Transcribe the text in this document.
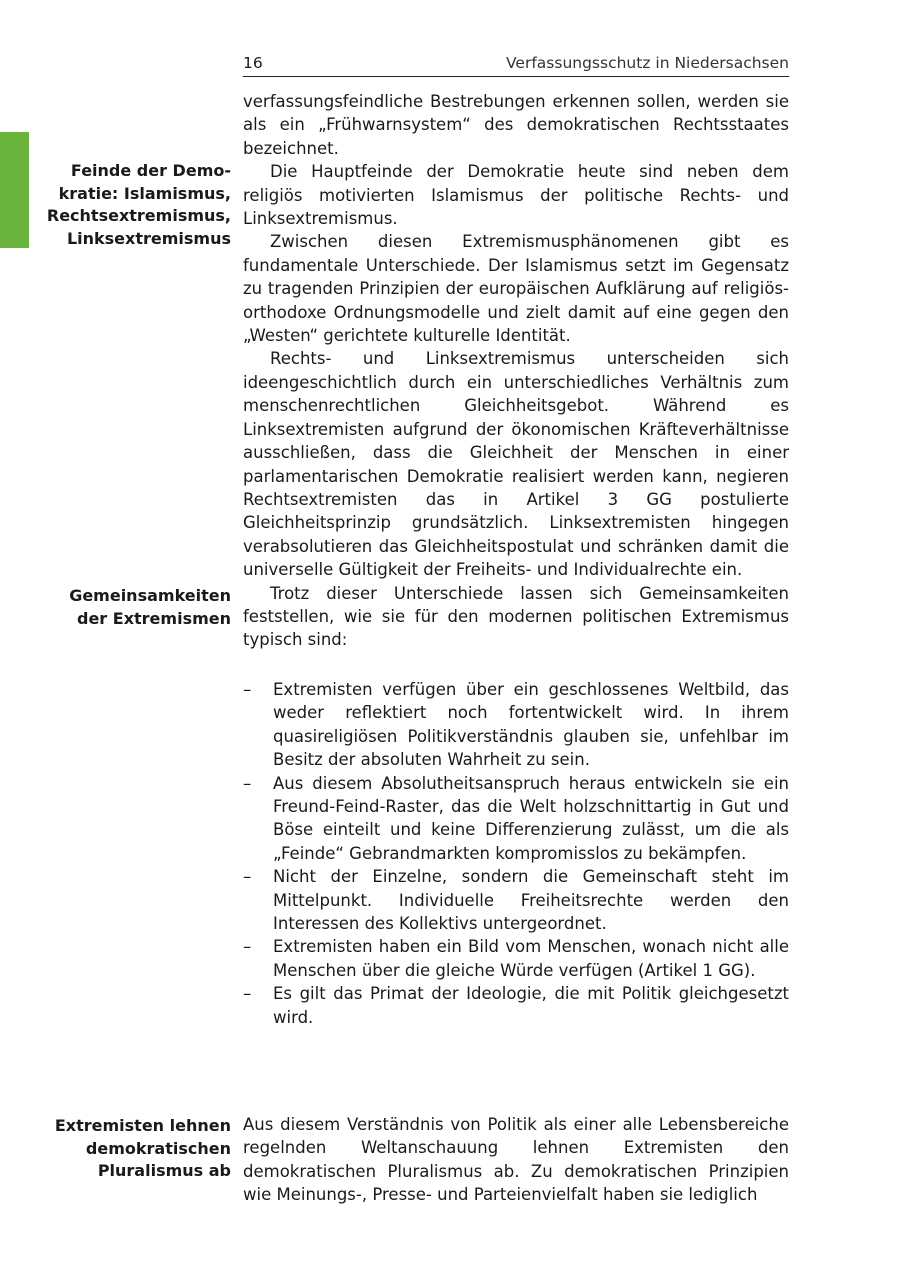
16	Verfassungsschutz in Niedersachsen
Feinde der Demo-
kratie: Islamismus,
Rechtsextremismus,
Linksextremismus
Gemeinsamkeiten
der Extremismen
Extremisten lehnen
demokratischen
Pluralismus ab

verfassungsfeindliche Bestrebungen erkennen sollen, werden sie als ein „Frühwarnsystem“ des demokratischen Rechtsstaates bezeichnet.

Die Hauptfeinde der Demokratie heute sind neben dem religiös motivierten Islamismus der politische Rechts- und Linksextremismus.

Zwischen diesen Extremismusphänomenen gibt es fundamentale Unterschiede. Der Islamismus setzt im Gegensatz zu tragenden Prinzipien der europäischen Aufklärung auf religiös-orthodoxe Ordnungsmodelle und zielt damit auf eine gegen den „Westen“ gerichtete kulturelle Identität.

Rechts- und Linksextremismus unterscheiden sich ideengeschichtlich durch ein unterschiedliches Verhältnis zum menschenrechtlichen Gleichheitsgebot. Während es Linksextremisten aufgrund der ökonomischen Kräfteverhältnisse ausschließen, dass die Gleichheit der Menschen in einer parlamentarischen Demokratie realisiert werden kann, negieren Rechtsextremisten das in Artikel 3 GG postulierte Gleichheitsprinzip grundsätzlich. Linksextremisten hingegen verabsolutieren das Gleichheitspostulat und schränken damit die universelle Gültigkeit der Freiheits- und Individualrechte ein.

Trotz dieser Unterschiede lassen sich Gemeinsamkeiten feststellen, wie sie für den modernen politischen Extremismus typisch sind:

– Extremisten verfügen über ein geschlossenes Weltbild, das weder reflektiert noch fortentwickelt wird. In ihrem quasireligiösen Politikverständnis glauben sie, unfehlbar im Besitz der absoluten Wahrheit zu sein.
– Aus diesem Absolutheitsanspruch heraus entwickeln sie ein Freund-Feind-Raster, das die Welt holzschnittartig in Gut und Böse einteilt und keine Differenzierung zulässt, um die als „Feinde“ Gebrandmarkten kompromisslos zu bekämpfen.
– Nicht der Einzelne, sondern die Gemeinschaft steht im Mittelpunkt. Individuelle Freiheitsrechte werden den Interessen des Kollektivs untergeordnet.
– Extremisten haben ein Bild vom Menschen, wonach nicht alle Menschen über die gleiche Würde verfügen (Artikel 1 GG).
– Es gilt das Primat der Ideologie, die mit Politik gleichgesetzt wird.

Aus diesem Verständnis von Politik als einer alle Lebensbereiche regelnden Weltanschauung lehnen Extremisten den demokratischen Pluralismus ab. Zu demokratischen Prinzipien wie Meinungs-, Presse- und Parteienvielfalt haben sie lediglich
